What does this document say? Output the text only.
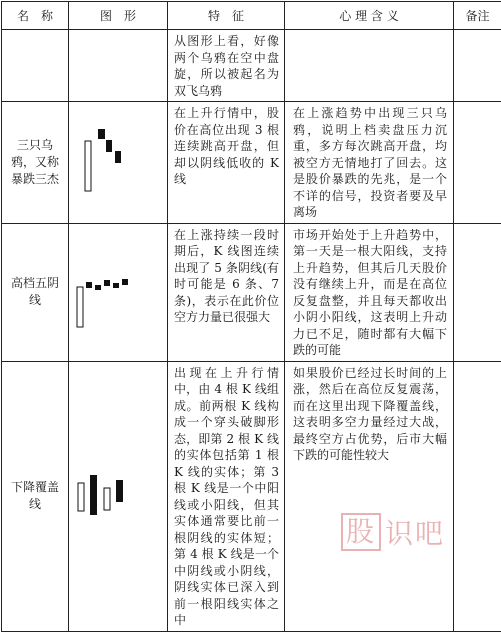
名　称	图　形	特　征	心 理 含 义	备注
		从图形上看，好像两个乌鸦在空中盘旋，所以被起名为双飞乌鸦		
三只乌鸦，又称暴跌三杰		在上升行情中，股价在高位出现 3 根连续跳高开盘，但却以阴线低收的 K 线	在上涨趋势中出现三只乌鸦，说明上档卖盘压力沉重，多方每次跳高开盘，均被空方无情地打了回去。这是股价暴跌的先兆，是一个不详的信号，投资者要及早离场	
高档五阴线		在上涨持续一段时期后，K 线图连续出现了 5 条阴线(有时可能是 6 条、7 条)，表示在此价位空方力量已很强大	市场开始处于上升趋势中，第一天是一根大阳线，支持上升趋势，但其后几天股价没有继续上升，而是在高位反复盘整，并且每天都收出小阴小阳线，这表明上升动力已不足，随时都有大幅下跌的可能	
下降覆盖线		出现在上升行情中，由 4 根 K 线组成。前两根 K 线构成一个穿头破脚形态，即第 2 根 K 线的实体包括第 1 根 K 线的实体；第 3 根 K 线是一个中阳线或小阳线，但其实体通常要比前一根阴线的实体短；第 4 根 K 线是一个中阴线或小阴线，阴线实体已深入到前一根阳线实体之中	如果股价已经过长时间的上涨，然后在高位反复震荡，而在这里出现下降覆盖线，这表明多空力量经过大战，最终空方占优势，后市大幅下跌的可能性较大	
股 识吧
